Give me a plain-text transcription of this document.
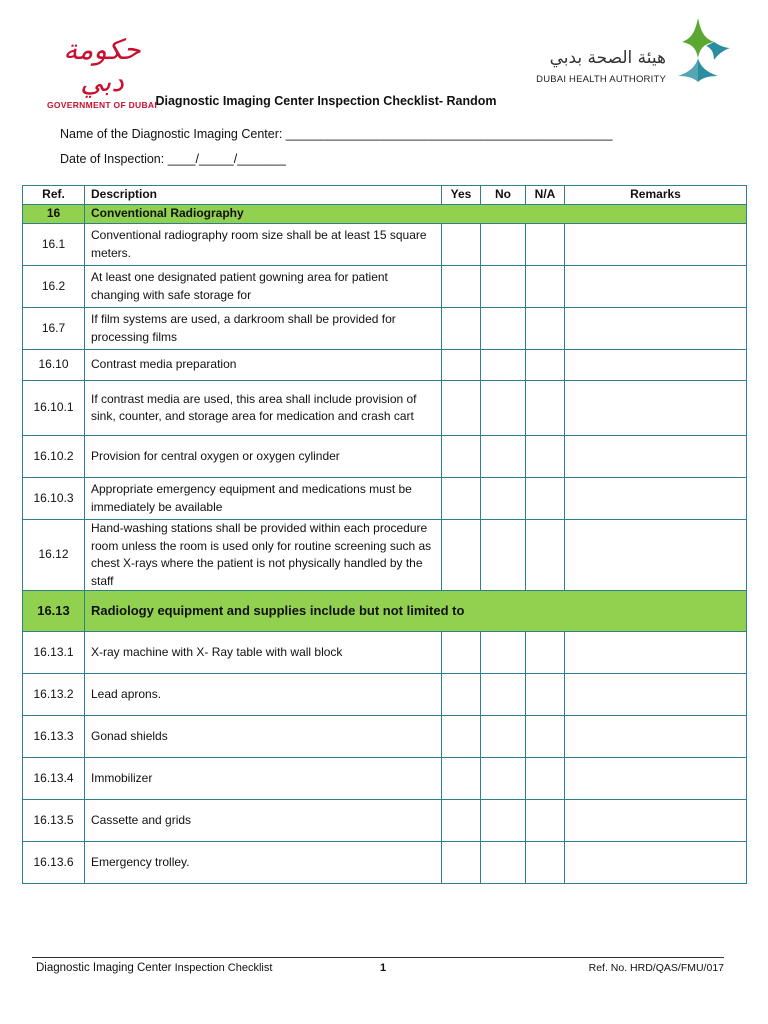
حكومة دبي
GOVERNMENT OF DUBAI
هيئة الصحة بدبي
DUBAI HEALTH AUTHORITY
Diagnostic Imaging Center Inspection Checklist- Random
Name of the Diagnostic Imaging Center: _______________________________________________
Date of Inspection: ____/_____/_______
Ref.	Description	Yes	No	N/A	Remarks
16	Conventional Radiography				
16.1	Conventional radiography room size shall be at least 15 square meters.				
16.2	At least one designated patient gowning area for patient changing with safe storage for				
16.7	If film systems are used, a darkroom shall be provided for processing films				
16.10	Contrast media preparation				
16.10.1	If contrast media are used, this area shall include provision of sink, counter, and storage area for medication and crash cart				
16.10.2	Provision for central oxygen or oxygen cylinder				
16.10.3	Appropriate emergency equipment and medications must be immediately be available				
16.12	Hand-washing stations shall be provided within each procedure room unless the room is used only for routine screening such as chest X-rays where the patient is not physically handled by the staff				
16.13	Radiology equipment and supplies include but not limited to				
16.13.1	X-ray machine with X- Ray table with wall block				
16.13.2	Lead aprons.				
16.13.3	Gonad shields				
16.13.4	Immobilizer				
16.13.5	Cassette and grids				
16.13.6	Emergency trolley.				
Diagnostic Imaging Center Inspection Checklist	1	Ref. No. HRD/QAS/FMU/017
